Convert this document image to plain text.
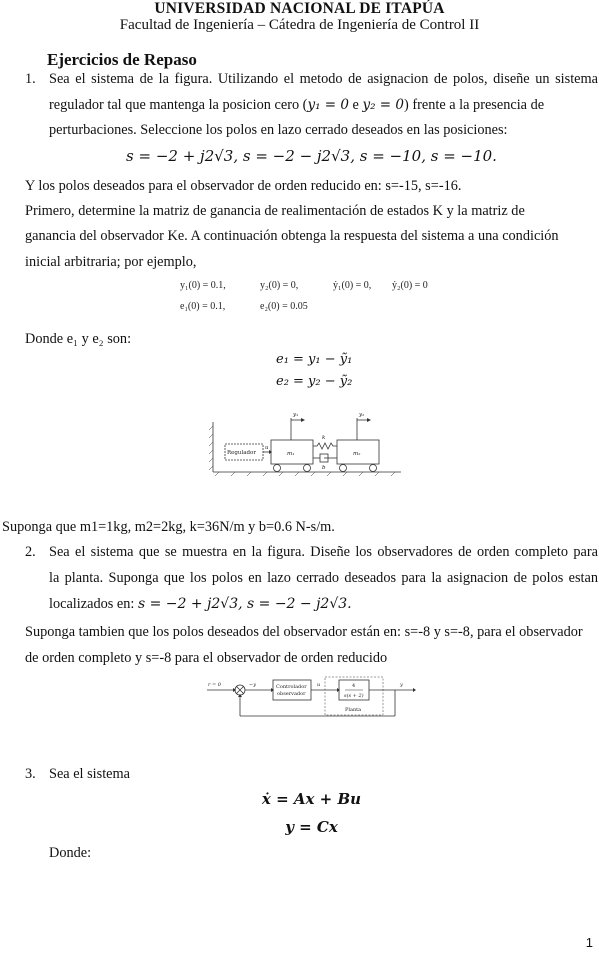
UNIVERSIDAD NACIONAL DE ITAPÚA
Facultad de Ingeniería – Cátedra de Ingeniería de Control II
Ejercicios de Repaso
1. Sea el sistema de la figura. Utilizando el metodo de asignacion de polos, diseñe un sistema
regulador tal que mantenga la posicion cero (y₁ = 0 e y₂ = 0) frente a la presencia de
perturbaciones. Seleccione los polos en lazo cerrado deseados en las posiciones:
s = −2 + j2√3, s = −2 − j2√3, s = −10, s = −10.
Y los polos deseados para el observador de orden reducido en: s=-15, s=-16.
Primero, determine la matriz de ganancia de realimentación de estados K y la matriz de
ganancia del observador Ke. A continuación obtenga la respuesta del sistema a una condición
inicial arbitraria; por ejemplo,
y₁(0) = 0.1,	y₂(0) = 0,	ẏ₁(0) = 0, ẏ₂(0) = 0
e₁(0) = 0.1,	e₂(0) = 0.05
Donde e₁ y e₂ son:
e₁ = y₁ − ỹ₁
e₂ = y₂ − ỹ₂
Regulador
u
m₁	m₂
k
b
y₁	y₂
Suponga que m1=1kg, m2=2kg, k=36N/m y b=0.6 N-s/m.
2. Sea el sistema que se muestra en la figura. Diseñe los observadores de orden completo para
la planta. Suponga que los polos en lazo cerrado deseados para la asignacion de polos estan
localizados en: s = −2 + j2√3, s = −2 − j2√3.
Suponga tambien que los polos deseados del observador están en: s=-8 y s=-8, para el observador
de orden completo y s=-8 para el observador de orden reducido
r = 0	−y	Controlador
observador
u	4
s(s + 2)
y
Planta
3. Sea el sistema
ẋ = Ax + Bu
y = Cx
Donde:
1
